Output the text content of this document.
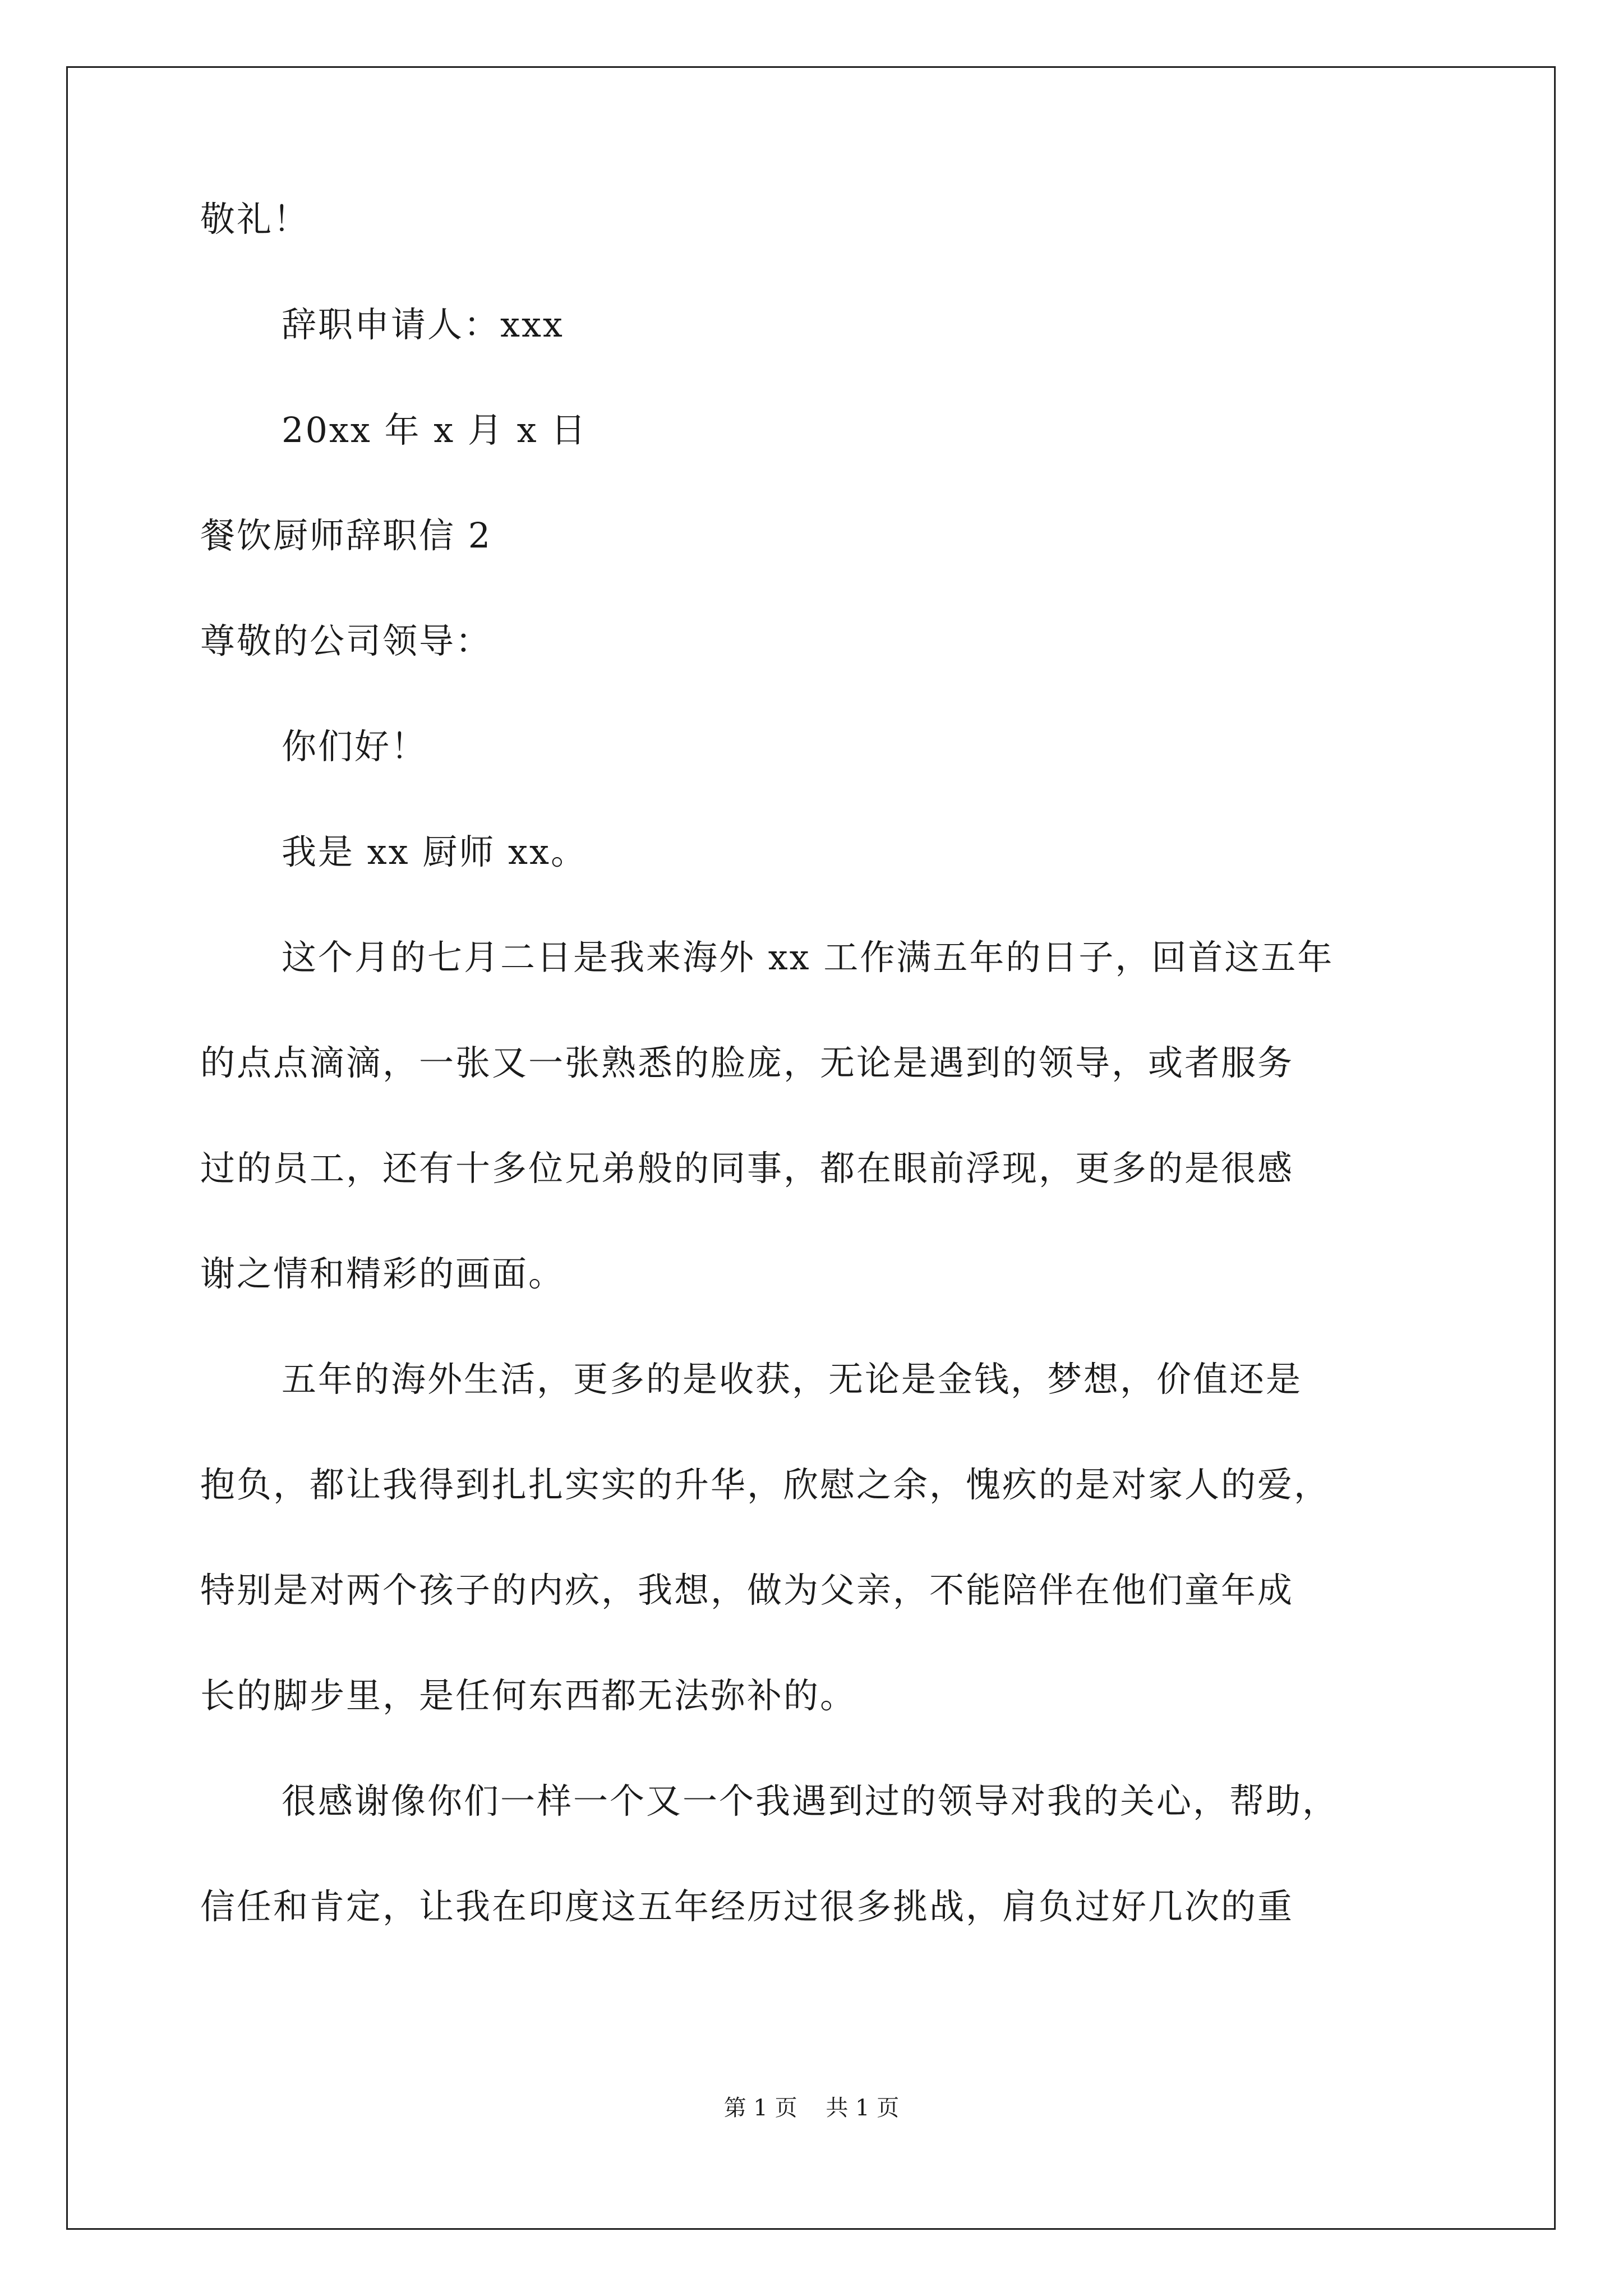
敬礼！
辞职申请人：xxx
20xx 年 x 月 x 日
餐饮厨师辞职信 2
尊敬的公司领导：
你们好！
我是 xx 厨师 xx。
这个月的七月二日是我来海外 xx 工作满五年的日子，回首这五年
的点点滴滴，一张又一张熟悉的脸庞，无论是遇到的领导，或者服务
过的员工，还有十多位兄弟般的同事，都在眼前浮现，更多的是很感
谢之情和精彩的画面。
五年的海外生活，更多的是收获，无论是金钱，梦想，价值还是
抱负，都让我得到扎扎实实的升华，欣慰之余，愧疚的是对家人的爱，
特别是对两个孩子的内疚，我想，做为父亲，不能陪伴在他们童年成
长的脚步里，是任何东西都无法弥补的。
很感谢像你们一样一个又一个我遇到过的领导对我的关心，帮助，
信任和肯定，让我在印度这五年经历过很多挑战，肩负过好几次的重
第 1 页    共 1 页
